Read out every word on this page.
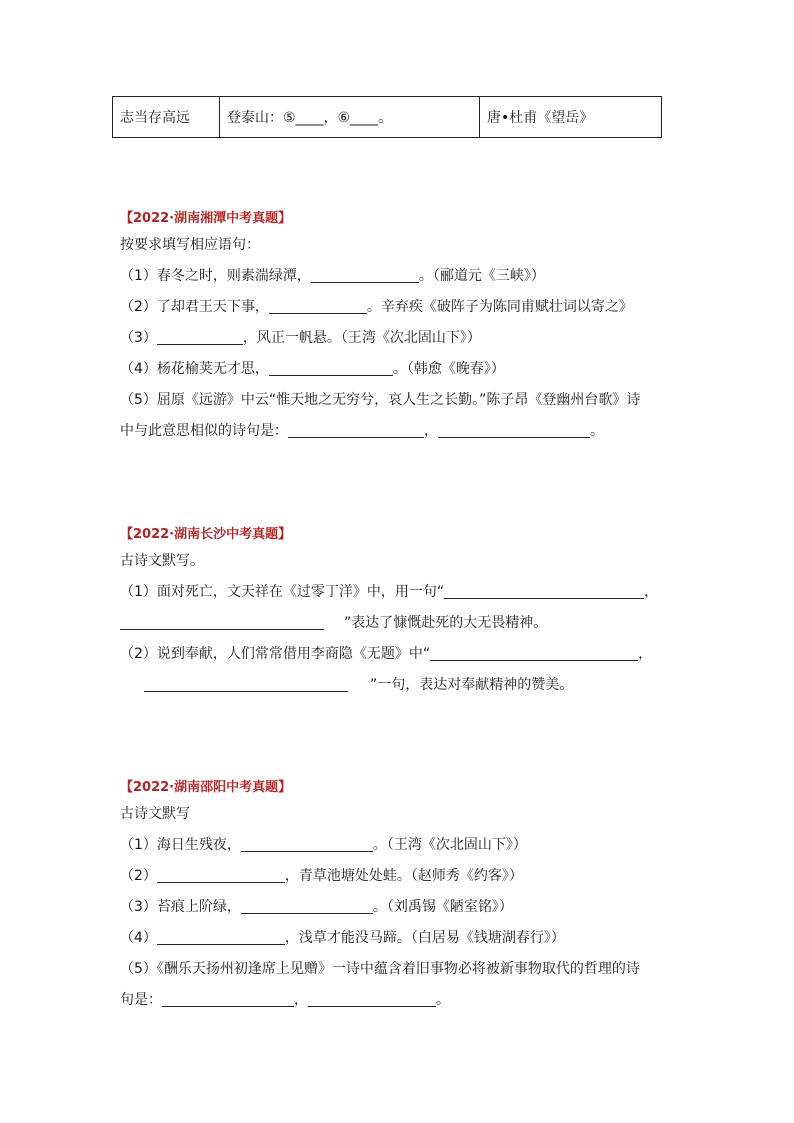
志当存高远	登泰山：⑤____，⑥____。	唐•杜甫《望岳》
【2022·湖南湘潭中考真题】
按要求填写相应语句：
（1）春冬之时，则素湍绿潭，	。（郦道元《三峡》）
（2）了却君王天下事，	。辛弃疾《破阵子为陈同甫赋壮词以寄之》
（3）	，风正一帆悬。（王湾《次北固山下》）
（4）杨花榆荚无才思，	。（韩愈《晚春》）
（5）屈原《远游》中云“惟天地之无穷兮，哀人生之长勤。”陈子昂《登幽州台歌》诗
中与此意思相似的诗句是：	，	。
【2022·湖南长沙中考真题】
古诗文默写。
（1）面对死亡，文天祥在《过零丁洋》中，用一句“	，
”表达了慷慨赴死的大无畏精神。
（2）说到奉献，人们常常借用李商隐《无题》中“	，
”一句，表达对奉献精神的赞美。
【2022·湖南邵阳中考真题】
古诗文默写
（1）海日生残夜，	。（王湾《次北固山下》）
（2）	，青草池塘处处蛙。（赵师秀《约客》）
（3）苔痕上阶绿，	。（刘禹锡《陋室铭》）
（4）	，浅草才能没马蹄。（白居易《钱塘湖春行》）
（5）《酬乐天扬州初逢席上见赠》一诗中蕴含着旧事物必将被新事物取代的哲理的诗
句是：	，	。
